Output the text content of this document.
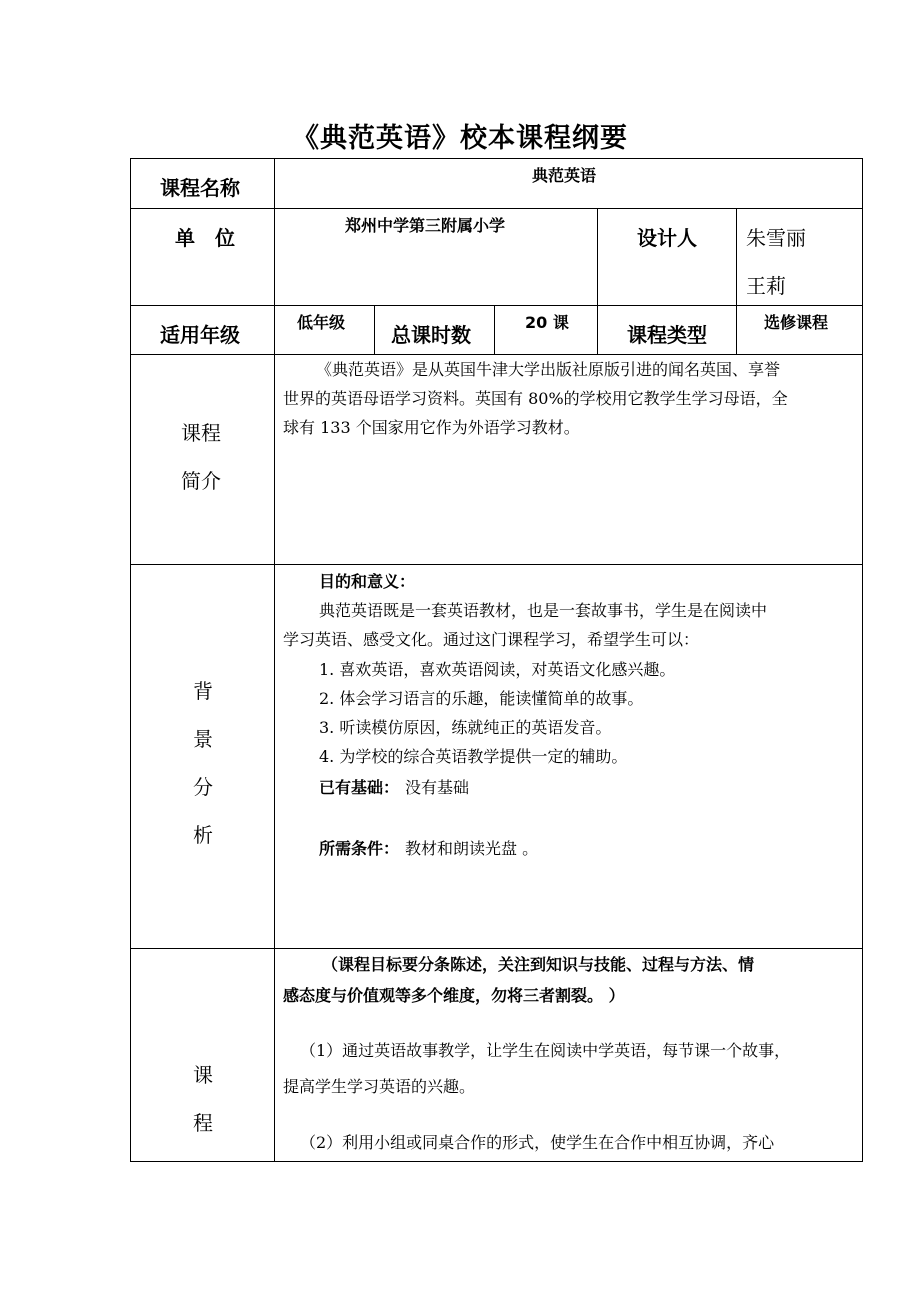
《典范英语》校本课程纲要
课程名称
典范英语
单　位
郑州中学第三附属小学
设计人 朱雪丽
王莉
适用年级
低年级
总课时数
20 课
课程类型
选修课程
课程
简介
《典范英语》是从英国牛津大学出版社原版引进的闻名英国、享誉
世界的英语母语学习资料。英国有 80%的学校用它教学生学习母语，全
球有 133 个国家用它作为外语学习教材。
背
景
分
析
目的和意义：
典范英语既是一套英语教材，也是一套故事书，学生是在阅读中
学习英语、感受文化。通过这门课程学习，希望学生可以：
1. 喜欢英语，喜欢英语阅读，对英语文化感兴趣。
2. 体会学习语言的乐趣，能读懂简单的故事。
3. 听读模仿原因，练就纯正的英语发音。
4. 为学校的综合英语教学提供一定的辅助。
已有基础： 没有基础
所需条件： 教材和朗读光盘 。
课
程
（课程目标要分条陈述，关注到知识与技能、过程与方法、情
感态度与价值观等多个维度，勿将三者割裂。 ）
（1）通过英语故事教学，让学生在阅读中学英语，每节课一个故事，
提高学生学习英语的兴趣。
（2）利用小组或同桌合作的形式，使学生在合作中相互协调，齐心
